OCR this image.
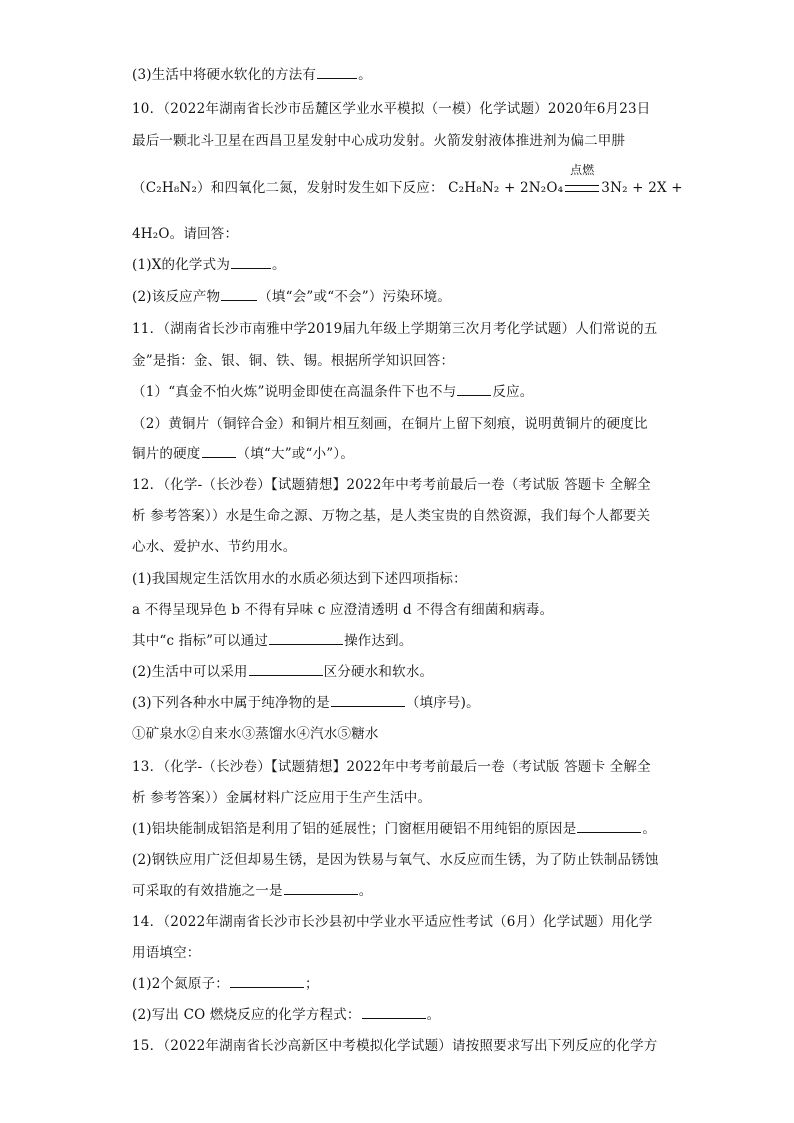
(3)生活中将硬水软化的方法有	。
10．（2022年湖南省长沙市岳麓区学业水平模拟（一模）化学试题）2020年6月23日
最后一颗北斗卫星在西昌卫星发射中心成功发射。火箭发射液体推进剂为偏二甲肼
（C₂H₈N₂）和四氧化二氮，发射时发生如下反应： C₂H₈N₂ + 2N₂O₄
点燃
3N₂ + 2X +
4H₂O。请回答：
(1)X的化学式为	。
(2)该反应产物	（填“会”或“不会”）污染环境。
11．（湖南省长沙市南雅中学2019届九年级上学期第三次月考化学试题）人们常说的五
金”是指：金、银、铜、铁、锡。根据所学知识回答：
（1）“真金不怕火炼”说明金即使在高温条件下也不与	反应。
（2）黄铜片（铜锌合金）和铜片相互刻画，在铜片上留下刻痕，说明黄铜片的硬度比
铜片的硬度	（填“大”或“小”）。
12．（化学-（长沙卷）【试题猜想】2022年中考考前最后一卷（考试版 答题卡 全解全
析 参考答案））水是生命之源、万物之基，是人类宝贵的自然资源，我们每个人都要关
心水、爱护水、节约用水。
(1)我国规定生活饮用水的水质必须达到下述四项指标：
a 不得呈现异色 b 不得有异味 c 应澄清透明 d 不得含有细菌和病毒。
其中“c 指标”可以通过	操作达到。
(2)生活中可以采用	区分硬水和软水。
(3)下列各种水中属于纯净物的是	（填序号)。
①矿泉水②自来水③蒸馏水④汽水⑤糖水
13．（化学-（长沙卷）【试题猜想】2022年中考考前最后一卷（考试版 答题卡 全解全
析 参考答案））金属材料广泛应用于生产生活中。
(1)铝块能制成铝箔是利用了铝的延展性；门窗框用硬铝不用纯铝的原因是	。
(2)钢铁应用广泛但却易生锈，是因为铁易与氧气、水反应而生锈，为了防止铁制品锈蚀
可采取的有效措施之一是	。
14．（2022年湖南省长沙市长沙县初中学业水平适应性考试（6月）化学试题）用化学
用语填空：
(1)2个氮原子：	；
(2)写出 CO 燃烧反应的化学方程式：	。
15．（2022年湖南省长沙高新区中考模拟化学试题）请按照要求写出下列反应的化学方
